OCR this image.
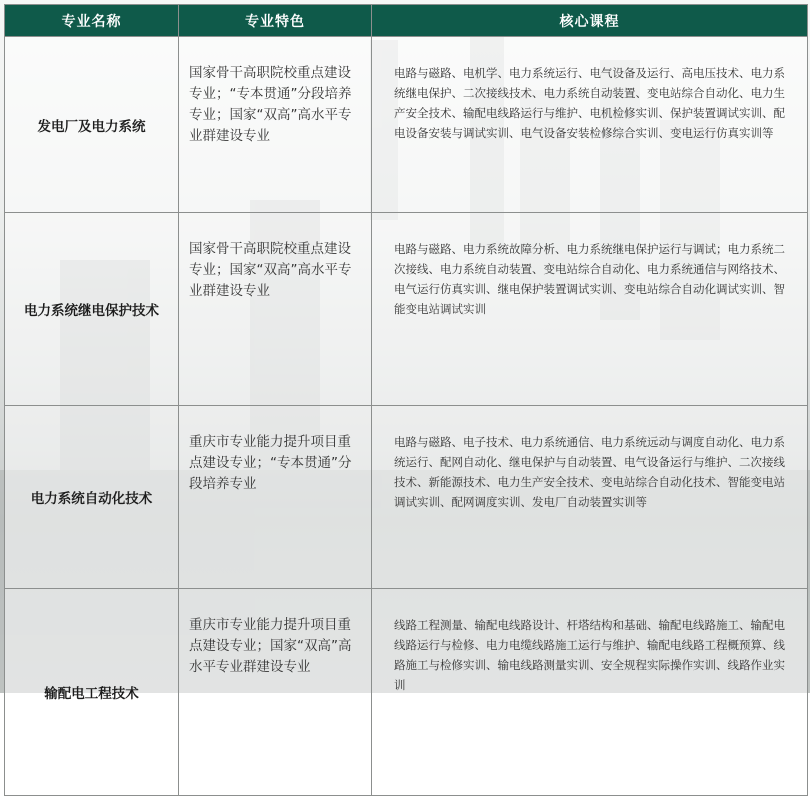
专业名称	专业特色	核心课程
发电厂及电力系统	国家骨干高职院校重点建设专业；“专本贯通”分段培养专业；国家“双高”高水平专业群建设专业	电路与磁路、电机学、电力系统运行、电气设备及运行、高电压技术、电力系统继电保护、二次接线技术、电力系统自动装置、变电站综合自动化、电力生产安全技术、输配电线路运行与维护、电机检修实训、保护装置调试实训、配电设备安装与调试实训、电气设备安装检修综合实训、变电运行仿真实训等
电力系统继电保护技术	国家骨干高职院校重点建设专业；国家“双高”高水平专业群建设专业	电路与磁路、电力系统故障分析、电力系统继电保护运行与调试；电力系统二次接线、电力系统自动装置、变电站综合自动化、电力系统通信与网络技术、电气运行仿真实训、继电保护装置调试实训、变电站综合自动化调试实训、智能变电站调试实训
电力系统自动化技术	重庆市专业能力提升项目重点建设专业；“专本贯通”分段培养专业	电路与磁路、电子技术、电力系统通信、电力系统远动与调度自动化、电力系统运行、配网自动化、继电保护与自动装置、电气设备运行与维护、二次接线技术、新能源技术、电力生产安全技术、变电站综合自动化技术、智能变电站调试实训、配网调度实训、发电厂自动装置实训等
输配电工程技术	重庆市专业能力提升项目重点建设专业；国家“双高”高水平专业群建设专业	线路工程测量、输配电线路设计、杆塔结构和基础、输配电线路施工、输配电线路运行与检修、电力电缆线路施工运行与维护、输配电线路工程概预算、线路施工与检修实训、输电线路测量实训、安全规程实际操作实训、线路作业实训
